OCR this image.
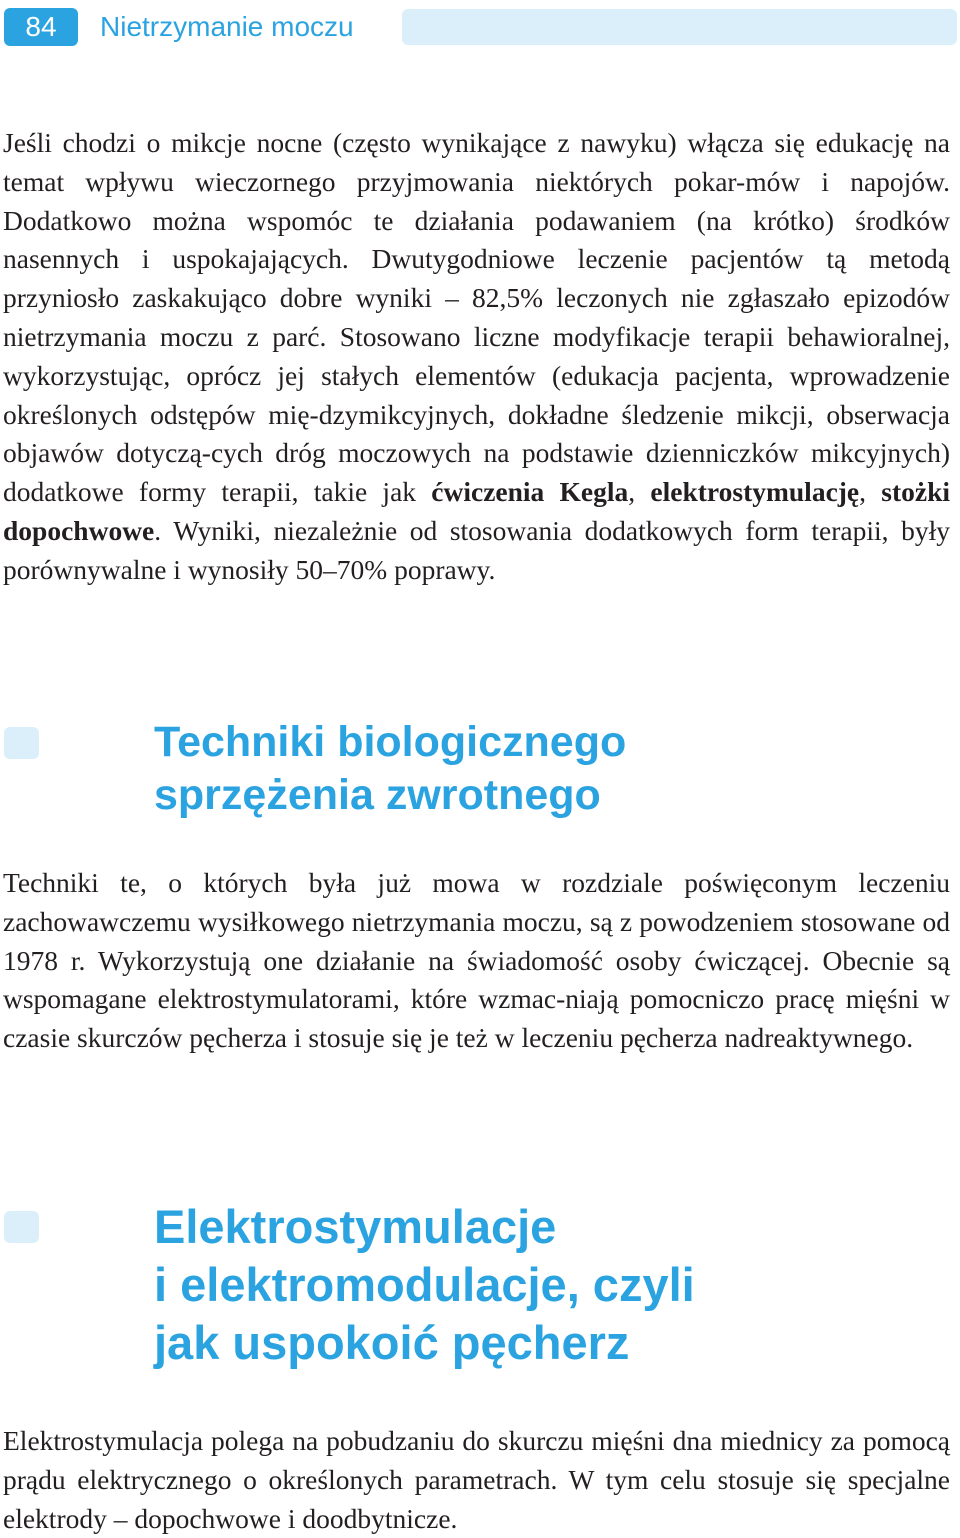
84	Nietrzymanie moczu

Jeśli chodzi o mikcje nocne (często wynikające z nawyku) włącza się edukację na temat wpływu wieczornego przyjmowania niektórych pokar-mów i napojów. Dodatkowo można wspomóc te działania podawaniem (na krótko) środków nasennych i uspokajających. Dwutygodniowe leczenie pacjentów tą metodą przyniosło zaskakująco dobre wyniki – 82,5% leczonych nie zgłaszało epizodów nietrzymania moczu z parć. Stosowano liczne modyfikacje terapii behawioralnej, wykorzystując, oprócz jej stałych elementów (edukacja pacjenta, wprowadzenie określonych odstępów mię-dzymikcyjnych, dokładne śledzenie mikcji, obserwacja objawów dotyczą-cych dróg moczowych na podstawie dzienniczków mikcyjnych) dodatkowe formy terapii, takie jak ćwiczenia Kegla, elektrostymulację, stożki dopochwowe. Wyniki, niezależnie od stosowania dodatkowych form terapii, były porównywalne i wynosiły 50–70% poprawy.

Techniki biologicznego
sprzężenia zwrotnego

Techniki te, o których była już mowa w rozdziale poświęconym leczeniu zachowawczemu wysiłkowego nietrzymania moczu, są z powodzeniem stosowane od 1978 r. Wykorzystują one działanie na świadomość osoby ćwiczącej. Obecnie są wspomagane elektrostymulatorami, które wzmac-niają pomocniczo pracę mięśni w czasie skurczów pęcherza i stosuje się je też w leczeniu pęcherza nadreaktywnego.

Elektrostymulacje
i elektromodulacje, czyli
jak uspokoić pęcherz

Elektrostymulacja polega na pobudzaniu do skurczu mięśni dna miednicy za pomocą prądu elektrycznego o określonych parametrach. W tym celu stosuje się specjalne elektrody – dopochwowe i doodbytnicze.
